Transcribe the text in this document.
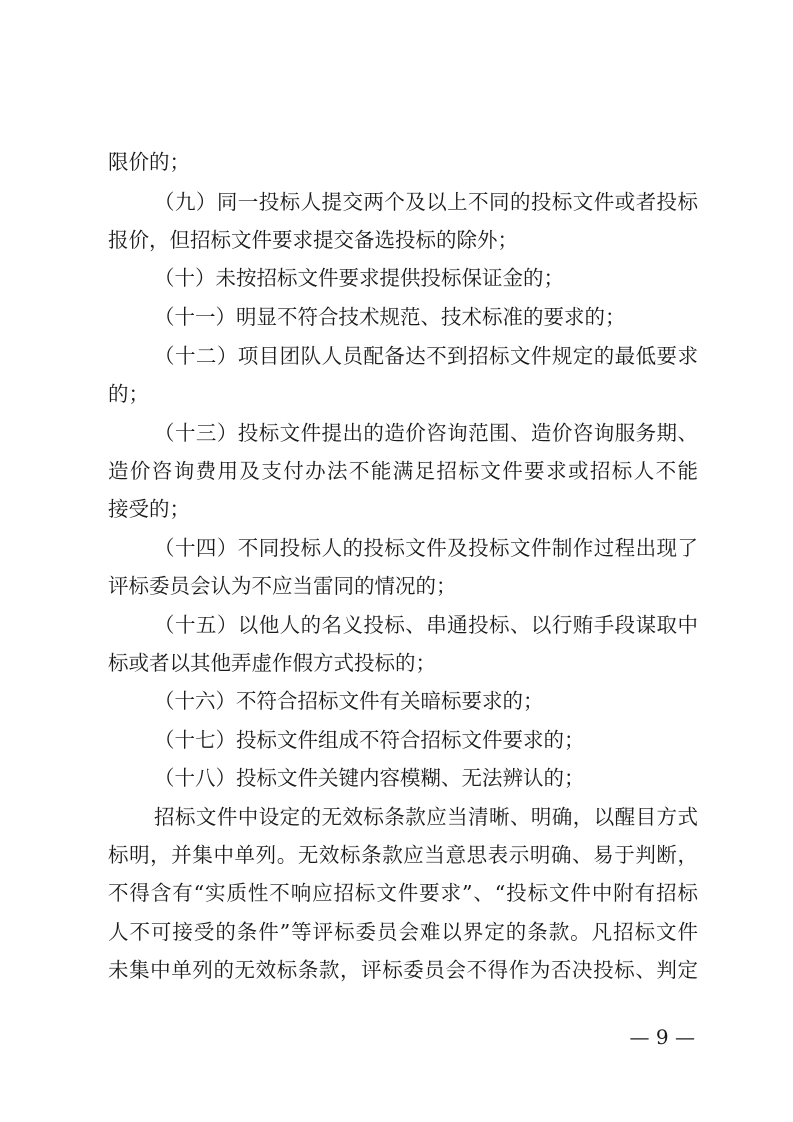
限价的；
（九）同一投标人提交两个及以上不同的投标文件或者投标
报价，但招标文件要求提交备选投标的除外；
（十）未按招标文件要求提供投标保证金的；
（十一）明显不符合技术规范、技术标准的要求的；
（十二）项目团队人员配备达不到招标文件规定的最低要求
的；
（十三）投标文件提出的造价咨询范围、造价咨询服务期、
造价咨询费用及支付办法不能满足招标文件要求或招标人不能
接受的；
（十四）不同投标人的投标文件及投标文件制作过程出现了
评标委员会认为不应当雷同的情况的；
（十五）以他人的名义投标、串通投标、以行贿手段谋取中
标或者以其他弄虚作假方式投标的；
（十六）不符合招标文件有关暗标要求的；
（十七）投标文件组成不符合招标文件要求的；
（十八）投标文件关键内容模糊、无法辨认的；
招标文件中设定的无效标条款应当清晰、明确，以醒目方式
标明，并集中单列。无效标条款应当意思表示明确、易于判断，
不得含有“实质性不响应招标文件要求”、“投标文件中附有招标
人不可接受的条件”等评标委员会难以界定的条款。凡招标文件
未集中单列的无效标条款，评标委员会不得作为否决投标、判定
— 9 —
